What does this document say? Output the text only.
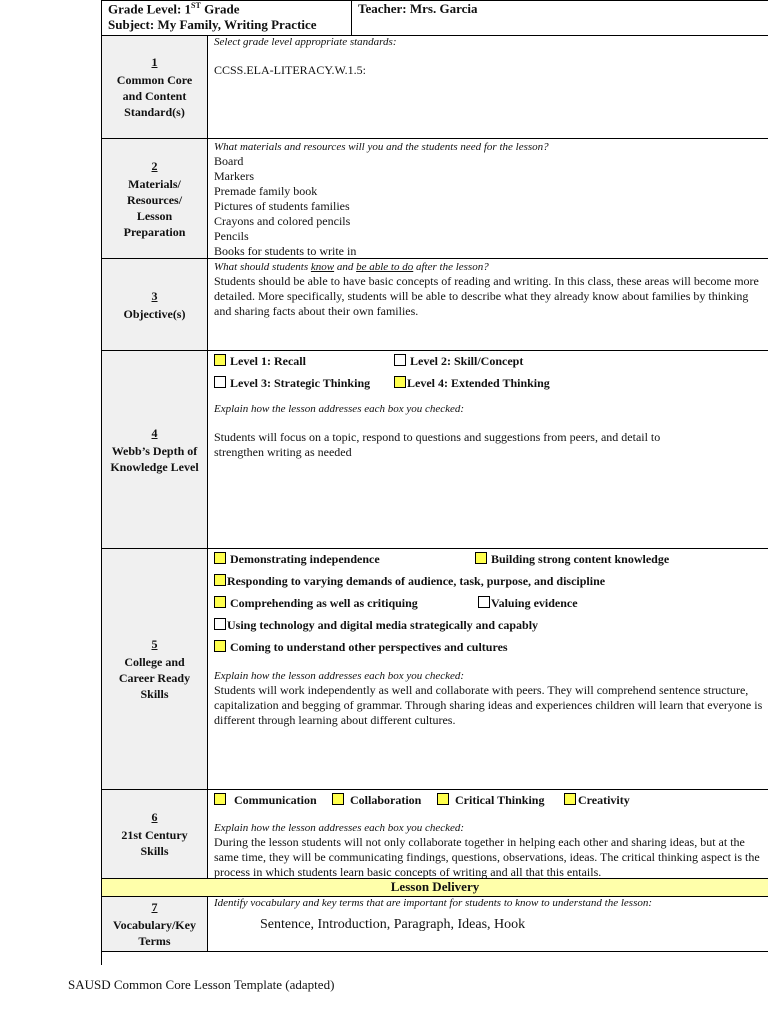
Grade Level: 1ST Grade
Subject: My Family, Writing Practice
Teacher: Mrs. Garcia
1
Common Core
and Content
Standard(s)
Select grade level appropriate standards:
CCSS.ELA-LITERACY.W.1.5:
2
Materials/
Resources/
Lesson
Preparation
What materials and resources will you and the students need for the lesson?
Board
Markers
Premade family book
Pictures of students families
Crayons and colored pencils
Pencils
Books for students to write in
3
Objective(s)
What should students know and be able to do after the lesson?
Students should be able to have basic concepts of reading and writing. In this class, these areas will become more detailed. More specifically, students will be able to describe what they already know about families by thinking and sharing facts about their own families.
4
Webb’s Depth of
Knowledge Level
Level 1: Recall	Level 2: Skill/Concept
Level 3: Strategic Thinking	Level 4: Extended Thinking
Explain how the lesson addresses each box you checked:
Students will focus on a topic, respond to questions and suggestions from peers, and detail to strengthen writing as needed
5
College and
Career Ready
Skills
Demonstrating independence	Building strong content knowledge
Responding to varying demands of audience, task, purpose, and discipline
Comprehending as well as critiquing	Valuing evidence
Using technology and digital media strategically and capably
Coming to understand other perspectives and cultures
Explain how the lesson addresses each box you checked:
Students will work independently as well and collaborate with peers. They will comprehend sentence structure, capitalization and begging of grammar. Through sharing ideas and experiences children will learn that everyone is different through learning about different cultures.
6
21st Century
Skills
Communication	Collaboration	Critical Thinking	Creativity
Explain how the lesson addresses each box you checked:
During the lesson students will not only collaborate together in helping each other and sharing ideas, but at the same time, they will be communicating findings, questions, observations, ideas. The critical thinking aspect is the process in which students learn basic concepts of writing and all that this entails.
Lesson Delivery
7
Vocabulary/Key
Terms
Identify vocabulary and key terms that are important for students to know to understand the lesson:
Sentence, Introduction, Paragraph, Ideas, Hook
SAUSD Common Core Lesson Template (adapted)
